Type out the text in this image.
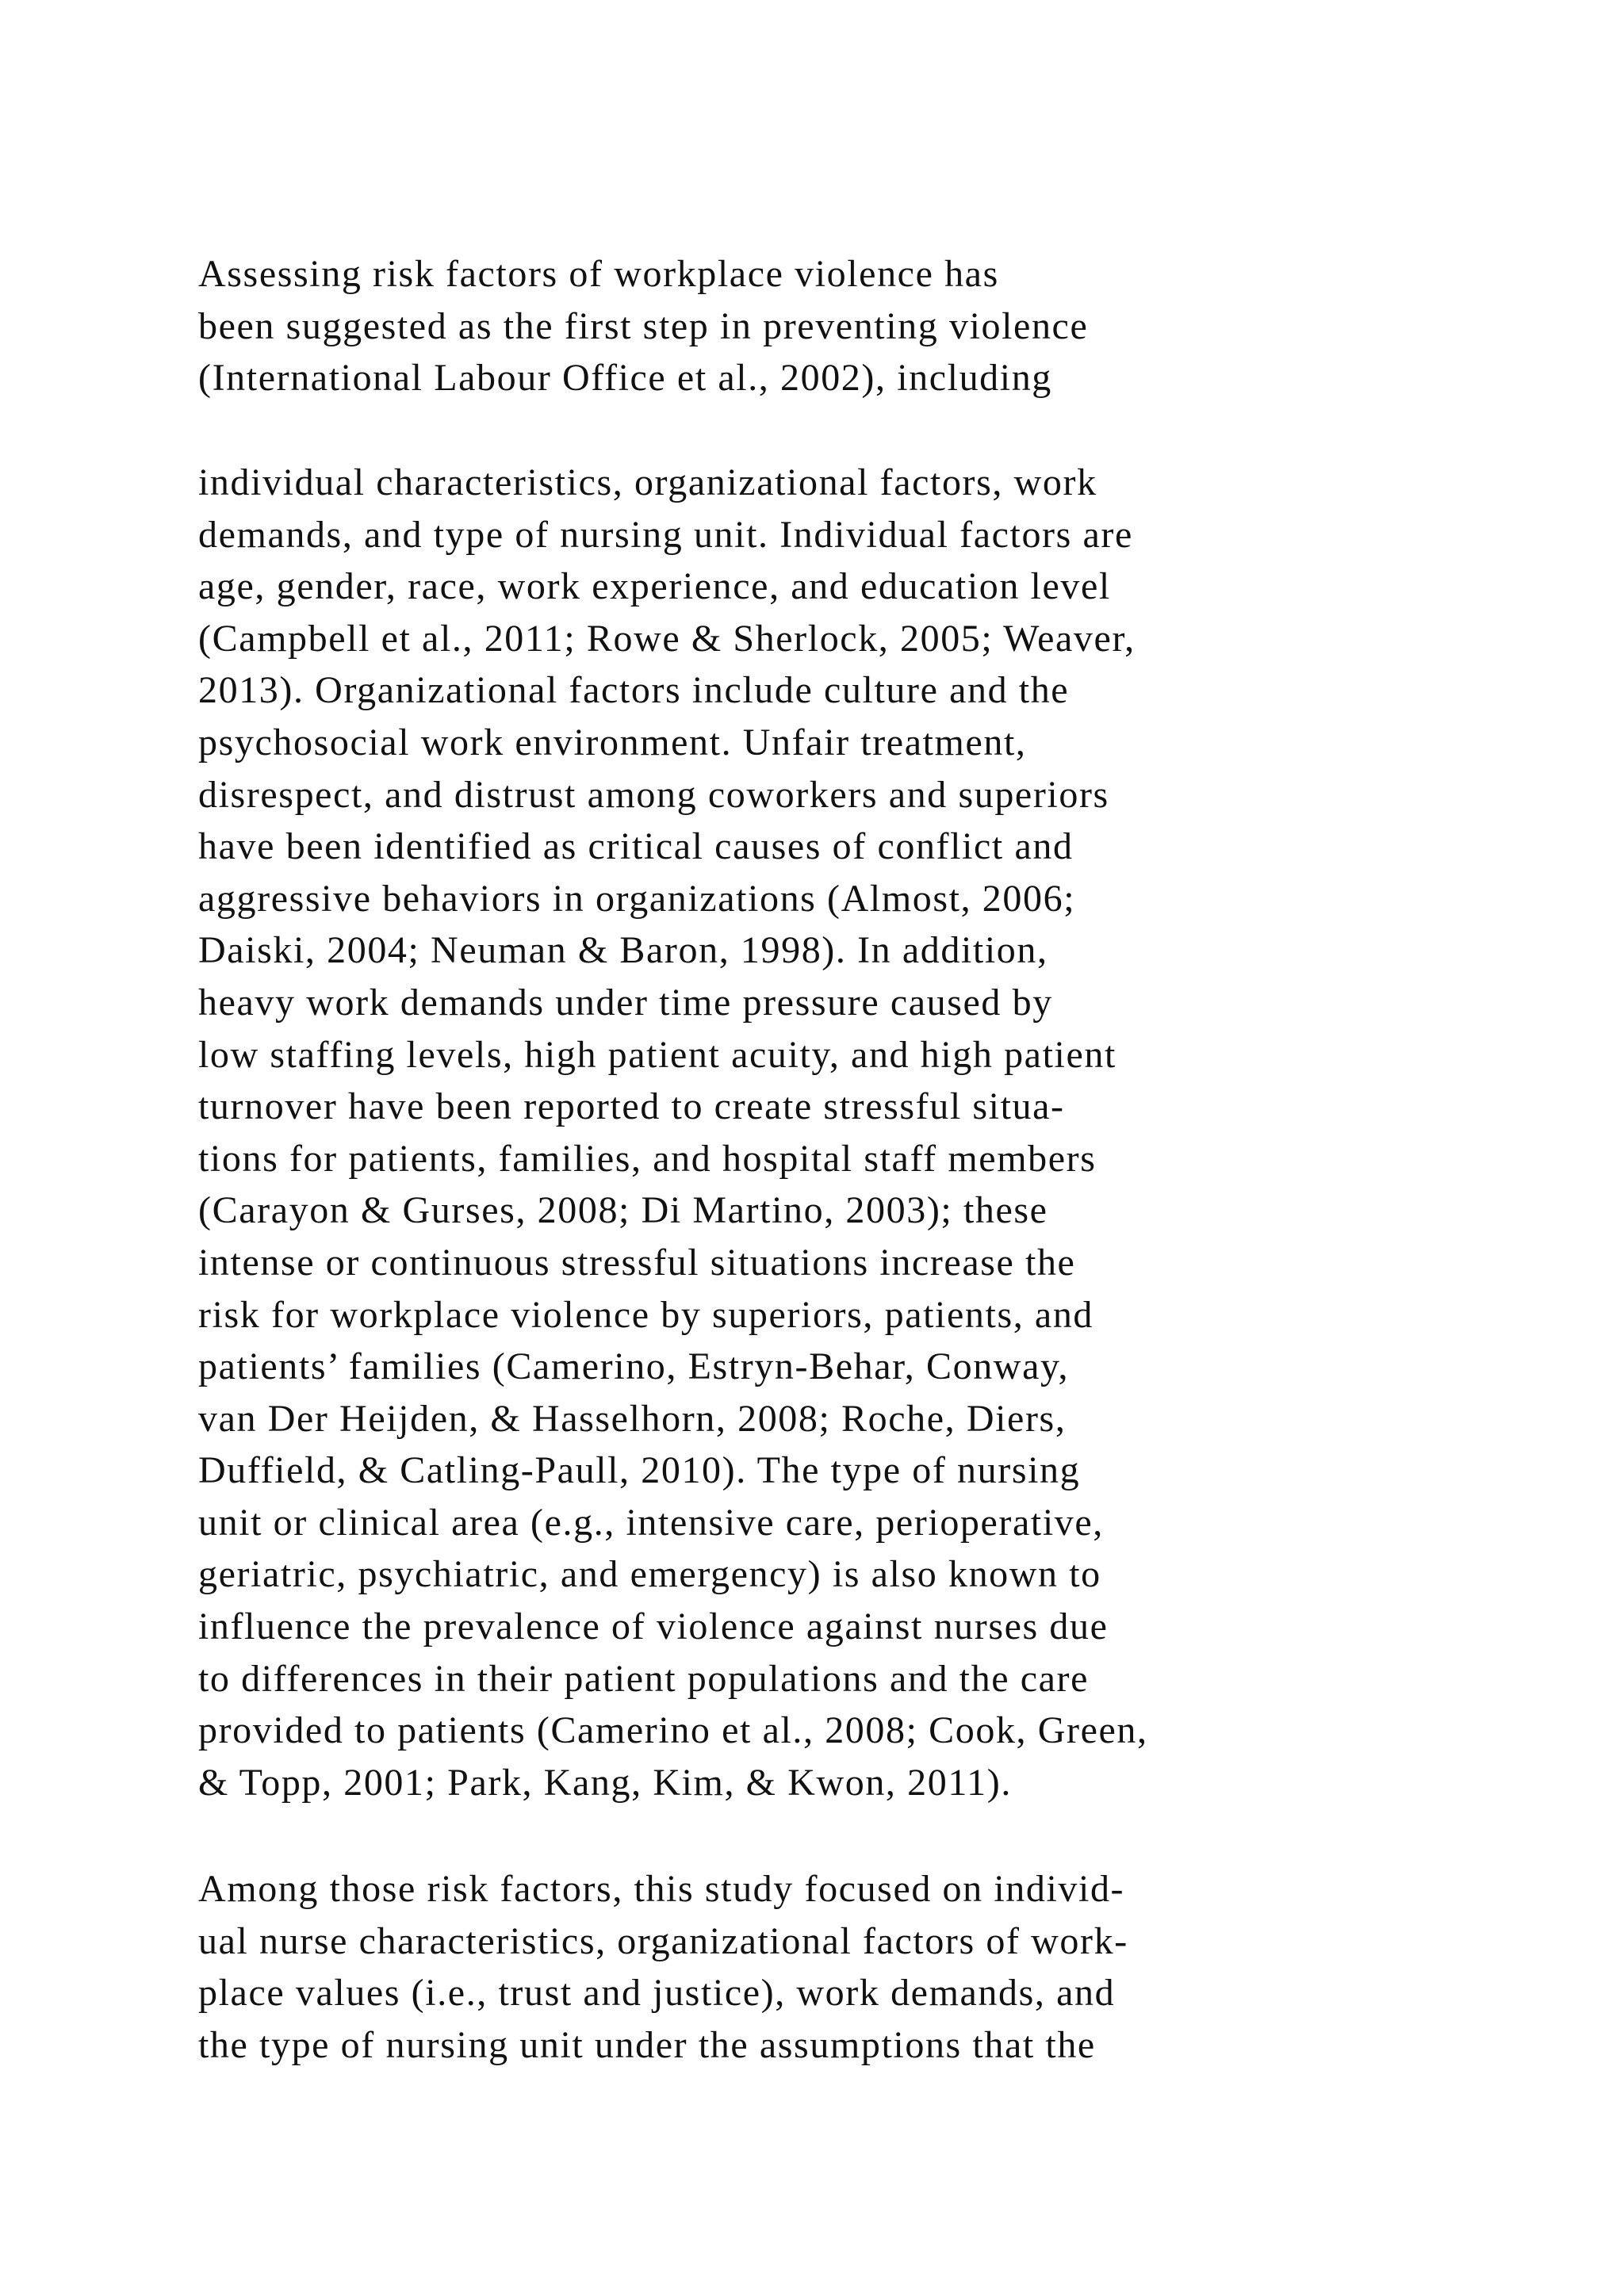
Assessing risk factors of workplace violence has
been suggested as the first step in preventing violence
(International Labour Office et al., 2002), including

individual characteristics, organizational factors, work
demands, and type of nursing unit. Individual factors are
age, gender, race, work experience, and education level
(Campbell et al., 2011; Rowe & Sherlock, 2005; Weaver,
2013). Organizational factors include culture and the
psychosocial work environment. Unfair treatment,
disrespect, and distrust among coworkers and superiors
have been identified as critical causes of conflict and
aggressive behaviors in organizations (Almost, 2006;
Daiski, 2004; Neuman & Baron, 1998). In addition,
heavy work demands under time pressure caused by
low staffing levels, high patient acuity, and high patient
turnover have been reported to create stressful situa-
tions for patients, families, and hospital staff members
(Carayon & Gurses, 2008; Di Martino, 2003); these
intense or continuous stressful situations increase the
risk for workplace violence by superiors, patients, and
patients’ families (Camerino, Estryn-Behar, Conway,
van Der Heijden, & Hasselhorn, 2008; Roche, Diers,
Duffield, & Catling-Paull, 2010). The type of nursing
unit or clinical area (e.g., intensive care, perioperative,
geriatric, psychiatric, and emergency) is also known to
influence the prevalence of violence against nurses due
to differences in their patient populations and the care
provided to patients (Camerino et al., 2008; Cook, Green,
& Topp, 2001; Park, Kang, Kim, & Kwon, 2011).

Among those risk factors, this study focused on individ-
ual nurse characteristics, organizational factors of work-
place values (i.e., trust and justice), work demands, and
the type of nursing unit under the assumptions that the
